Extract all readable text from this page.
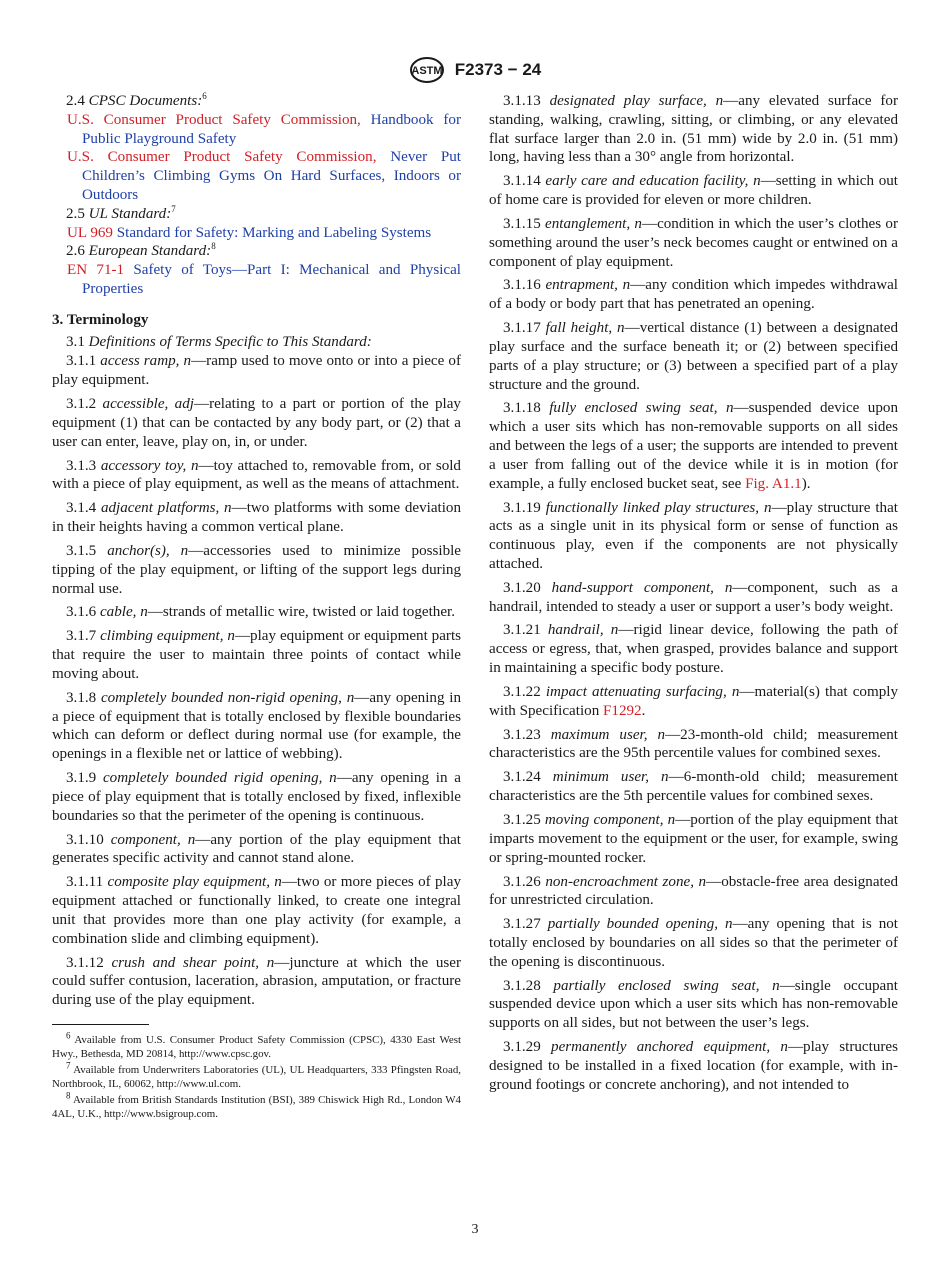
ASTM F2373 − 24

2.4 CPSC Documents:$^6$

U.S. Consumer Product Safety Commission, Handbook for Public Playground Safety

U.S. Consumer Product Safety Commission, Never Put Children’s Climbing Gyms On Hard Surfaces, Indoors or Outdoors

2.5 UL Standard:$^7$

UL 969 Standard for Safety: Marking and Labeling Systems

2.6 European Standard:$^8$

EN 71-1 Safety of Toys—Part I: Mechanical and Physical Properties

3. Terminology

3.1 Definitions of Terms Specific to This Standard:

3.1.1 access ramp, n—ramp used to move onto or into a piece of play equipment.

3.1.2 accessible, adj—relating to a part or portion of the play equipment (1) that can be contacted by any body part, or (2) that a user can enter, leave, play on, in, or under.

3.1.3 accessory toy, n—toy attached to, removable from, or sold with a piece of play equipment, as well as the means of attachment.

3.1.4 adjacent platforms, n—two platforms with some deviation in their heights having a common vertical plane.

3.1.5 anchor(s), n—accessories used to minimize possible tipping of the play equipment, or lifting of the support legs during normal use.

3.1.6 cable, n—strands of metallic wire, twisted or laid together.

3.1.7 climbing equipment, n—play equipment or equipment parts that require the user to maintain three points of contact while moving about.

3.1.8 completely bounded non-rigid opening, n—any opening in a piece of equipment that is totally enclosed by flexible boundaries which can deform or deflect during normal use (for example, the openings in a flexible net or lattice of webbing).

3.1.9 completely bounded rigid opening, n—any opening in a piece of play equipment that is totally enclosed by fixed, inflexible boundaries so that the perimeter of the opening is continuous.

3.1.10 component, n—any portion of the play equipment that generates specific activity and cannot stand alone.

3.1.11 composite play equipment, n—two or more pieces of play equipment attached or functionally linked, to create one integral unit that provides more than one play activity (for example, a combination slide and climbing equipment).

3.1.12 crush and shear point, n—juncture at which the user could suffer contusion, laceration, abrasion, amputation, or fracture during use of the play equipment.

$^6$ Available from U.S. Consumer Product Safety Commission (CPSC), 4330 East West Hwy., Bethesda, MD 20814, http://www.cpsc.gov.

$^7$ Available from Underwriters Laboratories (UL), UL Headquarters, 333 Pfingsten Road, Northbrook, IL, 60062, http://www.ul.com.

$^8$ Available from British Standards Institution (BSI), 389 Chiswick High Rd., London W4 4AL, U.K., http://www.bsigroup.com.

3.1.13 designated play surface, n—any elevated surface for standing, walking, crawling, sitting, or climbing, or any elevated flat surface larger than 2.0 in. (51 mm) wide by 2.0 in. (51 mm) long, having less than a 30° angle from horizontal.

3.1.14 early care and education facility, n—setting in which out of home care is provided for eleven or more children.

3.1.15 entanglement, n—condition in which the user’s clothes or something around the user’s neck becomes caught or entwined on a component of play equipment.

3.1.16 entrapment, n—any condition which impedes withdrawal of a body or body part that has penetrated an opening.

3.1.17 fall height, n—vertical distance (1) between a designated play surface and the surface beneath it; or (2) between specified parts of a play structure; or (3) between a specified part of a play structure and the ground.

3.1.18 fully enclosed swing seat, n—suspended device upon which a user sits which has non-removable supports on all sides and between the legs of a user; the supports are intended to prevent a user from falling out of the device while it is in motion (for example, a fully enclosed bucket seat, see Fig. A1.1).

3.1.19 functionally linked play structures, n—play structure that acts as a single unit in its physical form or sense of function as continuous play, even if the components are not physically attached.

3.1.20 hand-support component, n—component, such as a handrail, intended to steady a user or support a user’s body weight.

3.1.21 handrail, n—rigid linear device, following the path of access or egress, that, when grasped, provides balance and support in maintaining a specific body posture.

3.1.22 impact attenuating surfacing, n—material(s) that comply with Specification F1292.

3.1.23 maximum user, n—23-month-old child; measurement characteristics are the 95th percentile values for combined sexes.

3.1.24 minimum user, n—6-month-old child; measurement characteristics are the 5th percentile values for combined sexes.

3.1.25 moving component, n—portion of the play equipment that imparts movement to the equipment or the user, for example, swing or spring-mounted rocker.

3.1.26 non-encroachment zone, n—obstacle-free area designated for unrestricted circulation.

3.1.27 partially bounded opening, n—any opening that is not totally enclosed by boundaries on all sides so that the perimeter of the opening is discontinuous.

3.1.28 partially enclosed swing seat, n—single occupant suspended device upon which a user sits which has non-removable supports on all sides, but not between the user’s legs.

3.1.29 permanently anchored equipment, n—play structures designed to be installed in a fixed location (for example, with in-ground footings or concrete anchoring), and not intended to

3
